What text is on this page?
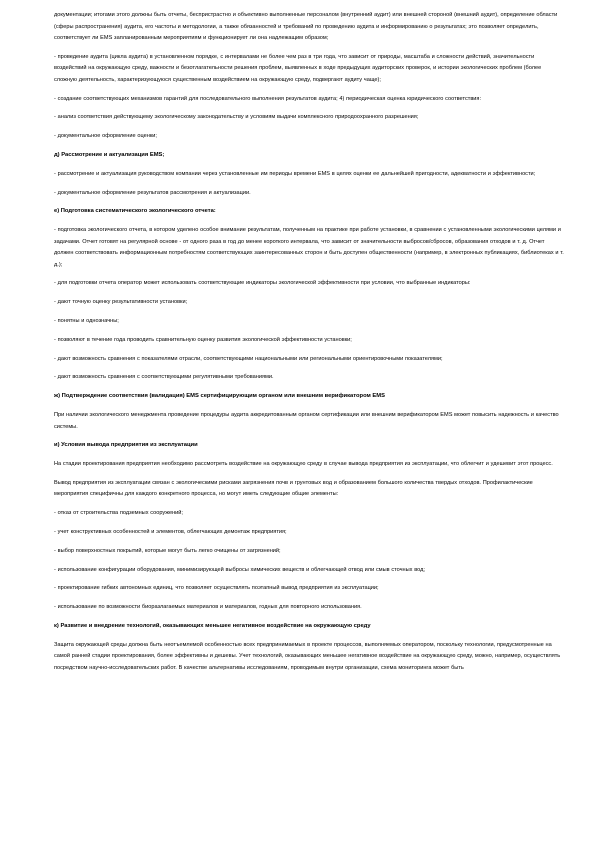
документации; итогами этого должны быть отчеты, беспристрастно и объективно выполненные персоналом (внутренний аудит) или внешней стороной (внешний аудит), определение области (сферы распространения) аудита, его частоты и методологии, а также обязанностей и требований по проведению аудита и информированию о результатах; это позволяет определить, соответствует ли EMS запланированным мероприятиям и функционирует ли она надлежащим образом;
- проведение аудита (цикла аудита) в установленном порядке, с интервалами не более чем раз в три года, что зависит от природы, масштаба и сложности действий, значительности воздействий на окружающую среду, важности и безотлагательности решения проблем, выявленных в ходе предыдущих аудиторских проверок, и истории экологических проблем (более сложную деятельность, характеризующуюся существенным воздействием на окружающую среду, подвергают аудиту чаще);
- создание соответствующих механизмов гарантий для последовательного выполнения результатов аудита; 4) периодическая оценка юридического соответствия:
- анализ соответствия действующему экологическому законодательству и условиям выдачи комплексного природоохранного разрешения;
- документальное оформление оценки;
д) Рассмотрение и актуализация EMS;
- рассмотрение и актуализация руководством компании через установленные им периоды времени EMS в целях оценки ее дальнейшей пригодности, адекватности и эффективности;
- документальное оформление результатов рассмотрения и актуализации.
е) Подготовка систематического экологического отчета:
- подготовка экологического отчета, в котором уделено особое внимание результатам, полученным на практике при работе установки, в сравнении с установленными экологическими целями и задачами. Отчет готовят на регулярной основе - от одного раза в год до менее короткого интервала, что зависит от значительности выбросов/сбросов, образования отходов и т. д. Отчет должен соответствовать информационным потребностям соответствующих заинтересованных сторон и быть доступен общественности (например, в электронных публикациях, библиотеках и т. д.);
- для подготовки отчета оператор может использовать соответствующие индикаторы экологической эффективности при условии, что выбранные индикаторы:
- дают точную оценку результативности установки;
- понятны и однозначны;
- позволяют в течение года проводить сравнительную оценку развития экологической эффективности установки;
- дают возможность сравнения с показателями отрасли, соответствующими национальными или региональными ориентировочными показателями;
- дают возможность сравнения с соответствующими регулятивными требованиями.
ж) Подтверждение соответствия (валидация) EMS сертифицирующим органом или внешним верификатором EMS
При наличии экологического менеджмента проведение процедуры аудита аккредитованным органом сертификации или внешним верификатором EMS может повысить надежность и качество системы.
и) Условия вывода предприятия из эксплуатации
На стадии проектирования предприятия необходимо рассмотреть воздействие на окружающую среду в случае вывода предприятия из эксплуатации, что облегчит и удешевит этот процесс.
Вывод предприятия из эксплуатации связан с экологическими рисками загрязнения почв и грунтовых вод и образованием большого количества твердых отходов. Профилактические мероприятия специфичны для каждого конкретного процесса, но могут иметь следующие общие элементы:
- отказ от строительства подземных сооружений;
- учет конструктивных особенностей и элементов, облегчающих демонтаж предприятия;
- выбор поверхностных покрытий, которые могут быть легко очищены от загрязнений;
- использование конфигурации оборудования, минимизирующей выбросы химических веществ и облегчающей отвод или смыв сточных вод;
- проектирование гибких автономных единиц, что позволяет осуществлять поэтапный вывод предприятия из эксплуатации;
- использование по возможности биоразлагаемых материалов и материалов, годных для повторного использования.
к) Развитие и внедрение технологий, оказывающих меньшее негативное воздействие на окружающую среду
Защита окружающей среды должна быть неотъемлемой особенностью всех предпринимаемых в проекте процессов, выполняемых оператором, поскольку технологии, предусмотренные на самой ранней стадии проектирования, более эффективны и дешевы. Учет технологий, оказывающих меньшее негативное воздействие на окружающую среду, можно, например, осуществлять посредством научно-исследовательских работ. В качестве альтернативы исследованиям, проводимым внутри организации, схема мониторинга может быть
